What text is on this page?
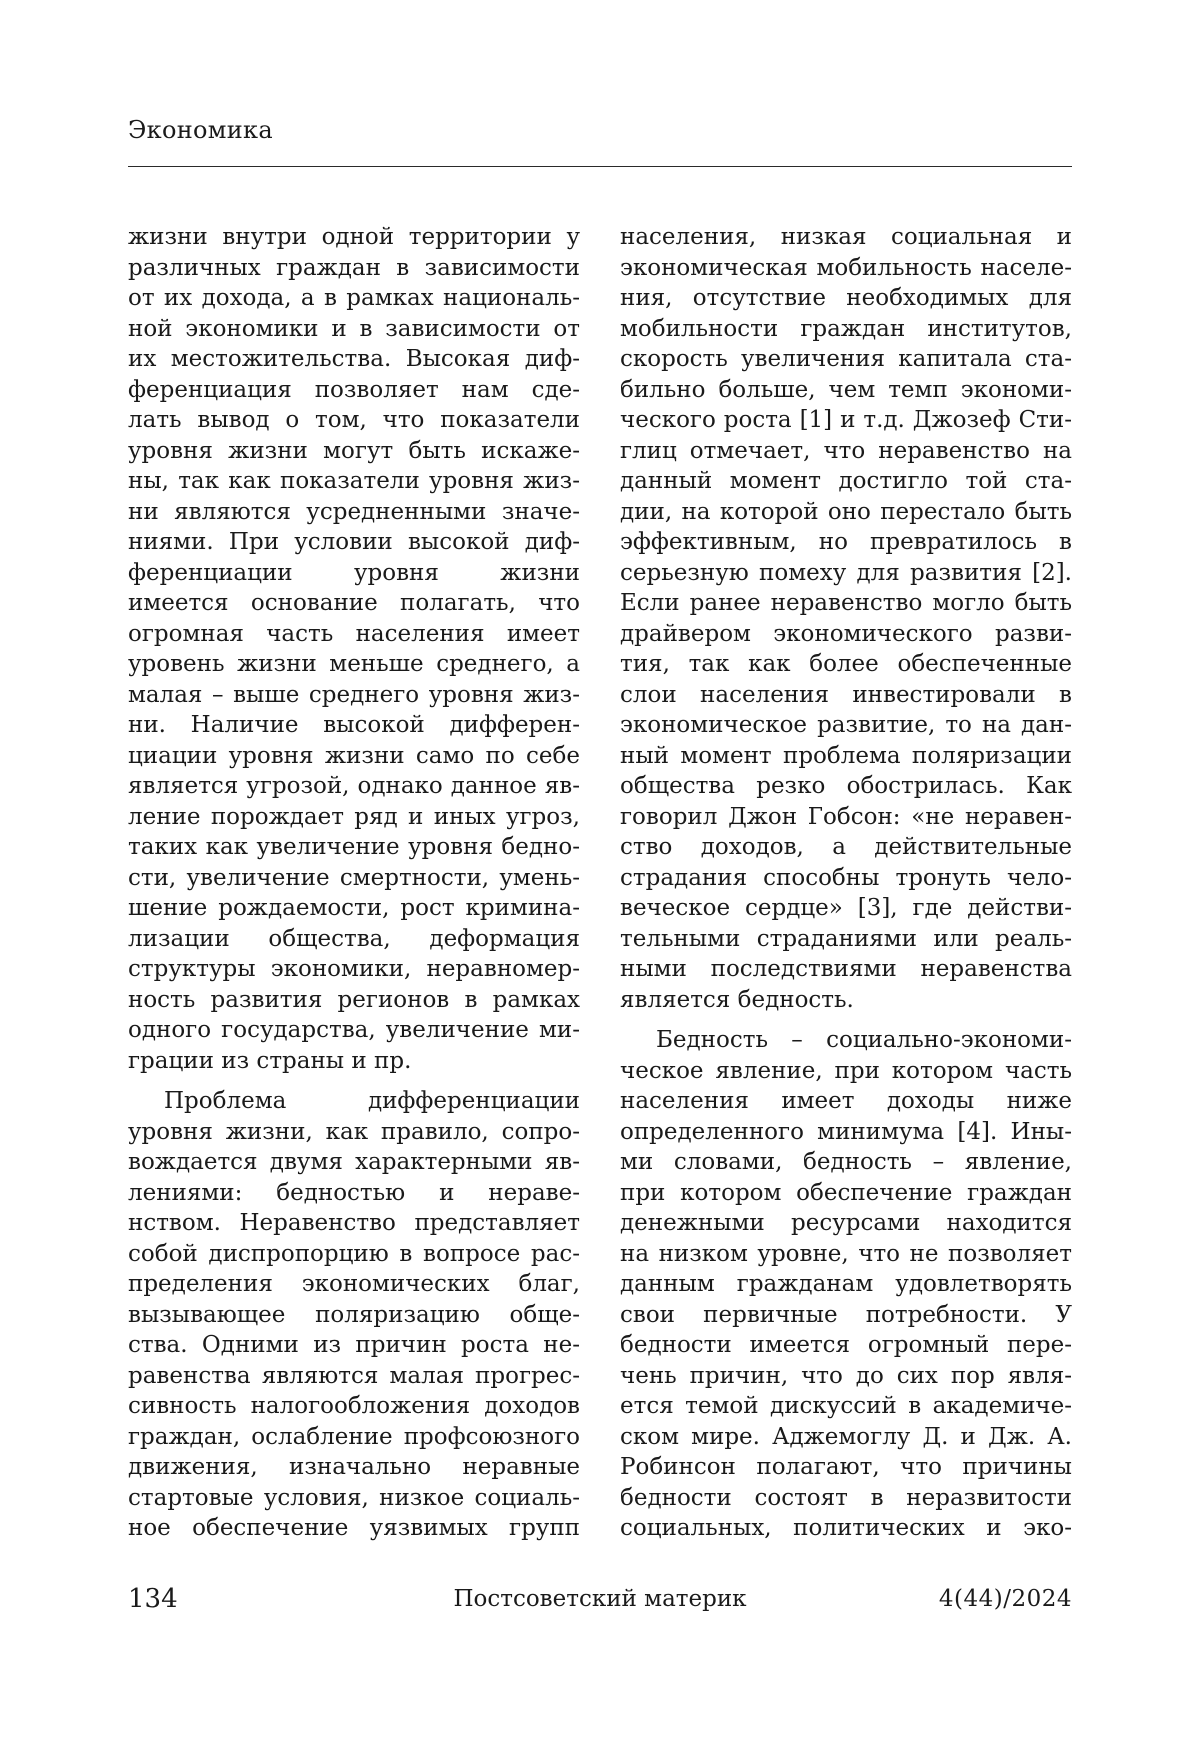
Экономика
жизни внутри одной территории у
различных граждан в зависимости
от их дохода, а в рамках националь-
ной экономики и в зависимости от
их местожительства. Высокая диф-
ференциация позволяет нам сде-
лать вывод о том, что показатели
уровня жизни могут быть искаже-
ны, так как показатели уровня жиз-
ни являются усредненными значе-
ниями. При условии высокой диф-
ференциации уровня жизни
имеется основание полагать, что
огромная часть населения имеет
уровень жизни меньше среднего, а
малая – выше среднего уровня жиз-
ни. Наличие высокой дифферен-
циации уровня жизни само по себе
является угрозой, однако данное яв-
ление порождает ряд и иных угроз,
таких как увеличение уровня бедно-
сти, увеличение смертности, умень-
шение рождаемости, рост кримина-
лизации общества, деформация
структуры экономики, неравномер-
ность развития регионов в рамках
одного государства, увеличение ми-
грации из страны и пр.
Проблема дифференциации
уровня жизни, как правило, сопро-
вождается двумя характерными яв-
лениями: бедностью и нераве-
нством. Неравенство представляет
собой диспропорцию в вопросе рас-
пределения экономических благ,
вызывающее поляризацию обще-
ства. Одними из причин роста не-
равенства являются малая прогрес-
сивность налогообложения доходов
граждан, ослабление профсоюзного
движения, изначально неравные
стартовые условия, низкое социаль-
ное обеспечение уязвимых групп
населения, низкая социальная и
экономическая мобильность населе-
ния, отсутствие необходимых для
мобильности граждан институтов,
скорость увеличения капитала ста-
бильно больше, чем темп экономи-
ческого роста [1] и т.д. Джозеф Сти-
глиц отмечает, что неравенство на
данный момент достигло той ста-
дии, на которой оно перестало быть
эффективным, но превратилось в
серьезную помеху для развития [2].
Если ранее неравенство могло быть
драйвером экономического разви-
тия, так как более обеспеченные
слои населения инвестировали в
экономическое развитие, то на дан-
ный момент проблема поляризации
общества резко обострилась. Как
говорил Джон Гобсон: «не неравен-
ство доходов, а действительные
страдания способны тронуть чело-
веческое сердце» [3], где действи-
тельными страданиями или реаль-
ными последствиями неравенства
является бедность.
Бедность – социально-экономи-
ческое явление, при котором часть
населения имеет доходы ниже
определенного минимума [4]. Ины-
ми словами, бедность – явление,
при котором обеспечение граждан
денежными ресурсами находится
на низком уровне, что не позволяет
данным гражданам удовлетворять
свои первичные потребности. У
бедности имеется огромный пере-
чень причин, что до сих пор явля-
ется темой дискуссий в академиче-
ском мире. Аджемоглу Д. и Дж. А.
Робинсон полагают, что причины
бедности состоят в неразвитости
социальных, политических и эко-
134	Постсоветский материк	4(44)/2024
